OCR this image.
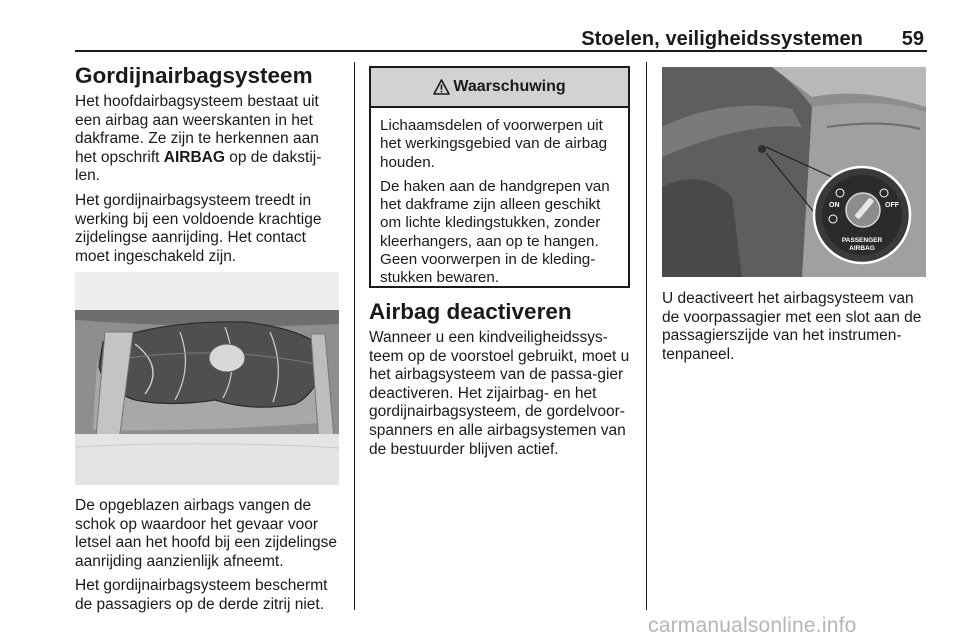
Stoelen, veiligheidssystemen 59
Gordijnairbagsysteem

Het hoofdairbagsysteem bestaat uit een airbag aan weerskanten in het dakframe. Ze zijn te herkennen aan het opschrift AIRBAG op de dakstij-len.

Het gordijnairbagsysteem treedt in werking bij een voldoende krachtige zijdelingse aanrijding. Het contact moet ingeschakeld zijn.

De opgeblazen airbags vangen de schok op waardoor het gevaar voor letsel aan het hoofd bij een zijdelingse aanrijding aanzienlijk afneemt.

Het gordijnairbagsysteem beschermt de passagiers op de derde zitrij niet.

Waarschuwing

Lichaamsdelen of voorwerpen uit het werkingsgebied van de airbag houden.

De haken aan de handgrepen van het dakframe zijn alleen geschikt om lichte kledingstukken, zonder kleerhangers, aan op te hangen. Geen voorwerpen in de kleding-stukken bewaren.

Airbag deactiveren

Wanneer u een kindveiligheidssys-teem op de voorstoel gebruikt, moet u het airbagsysteem van de passa-gier deactiveren. Het zijairbag- en het gordijnairbagsysteem, de gordelvoor-spanners en alle airbagsystemen van de bestuurder blijven actief.

ON	OFF
PASSENGER
AIRBAG

U deactiveert het airbagsysteem van de voorpassagier met een slot aan de passagierszijde van het instrumen-tenpaneel.

carmanualsonline.info
